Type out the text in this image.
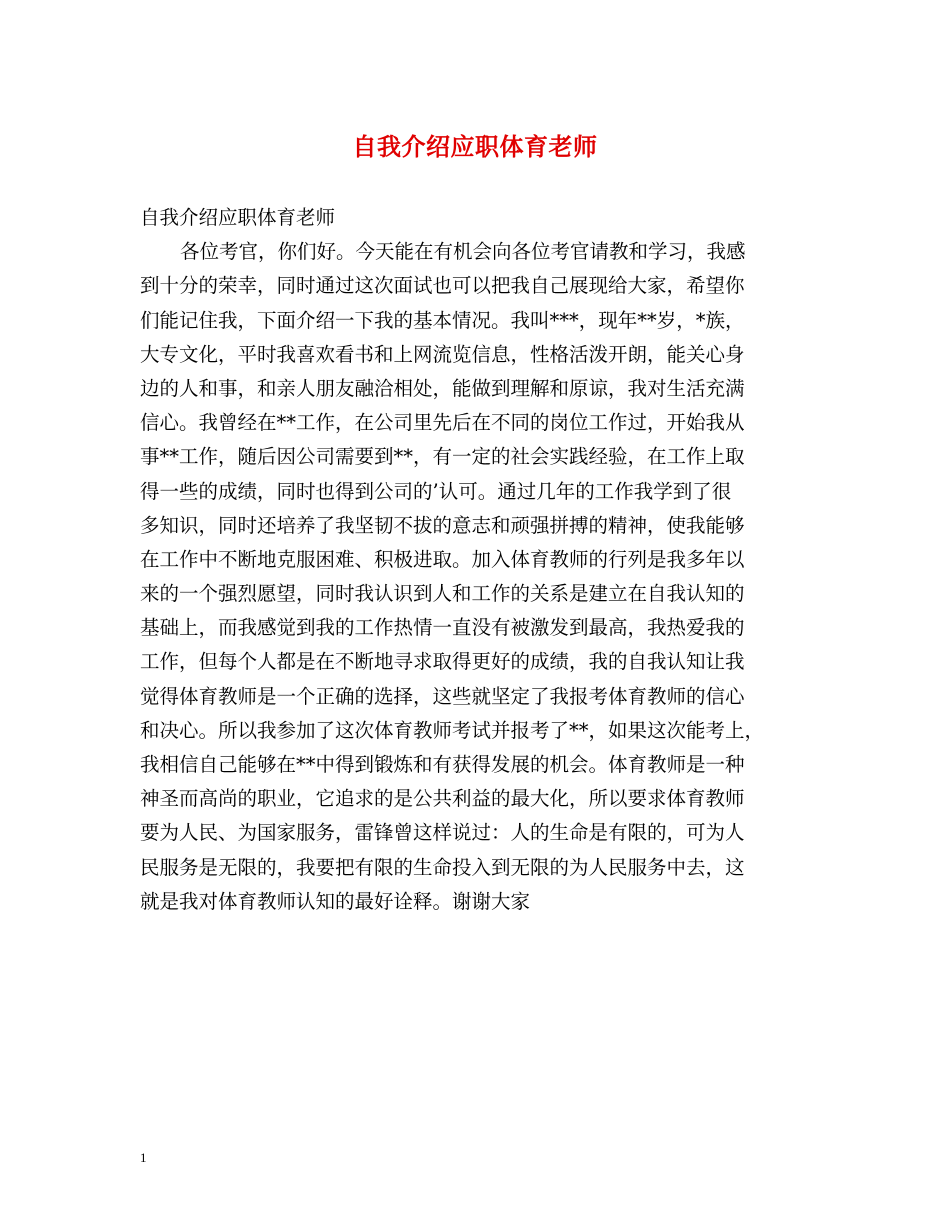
自我介绍应职体育老师
自我介绍应职体育老师
各位考官，你们好。今天能在有机会向各位考官请教和学习，我感
到十分的荣幸，同时通过这次面试也可以把我自己展现给大家，希望你
们能记住我，下面介绍一下我的基本情况。我叫***，现年**岁，*族，
大专文化，平时我喜欢看书和上网流览信息，性格活泼开朗，能关心身
边的人和事，和亲人朋友融洽相处，能做到理解和原谅，我对生活充满
信心。我曾经在**工作，在公司里先后在不同的岗位工作过，开始我从
事**工作，随后因公司需要到**，有一定的社会实践经验，在工作上取
得一些的成绩，同时也得到公司的’认可。通过几年的工作我学到了很
多知识，同时还培养了我坚韧不拔的意志和顽强拼搏的精神，使我能够
在工作中不断地克服困难、积极进取。加入体育教师的行列是我多年以
来的一个强烈愿望，同时我认识到人和工作的关系是建立在自我认知的
基础上，而我感觉到我的工作热情一直没有被激发到最高，我热爱我的
工作，但每个人都是在不断地寻求取得更好的成绩，我的自我认知让我
觉得体育教师是一个正确的选择，这些就坚定了我报考体育教师的信心
和决心。所以我参加了这次体育教师考试并报考了**，如果这次能考上，
我相信自己能够在**中得到锻炼和有获得发展的机会。体育教师是一种
神圣而高尚的职业，它追求的是公共利益的最大化，所以要求体育教师
要为人民、为国家服务，雷锋曾这样说过：人的生命是有限的，可为人
民服务是无限的，我要把有限的生命投入到无限的为人民服务中去，这
就是我对体育教师认知的最好诠释。谢谢大家
1
